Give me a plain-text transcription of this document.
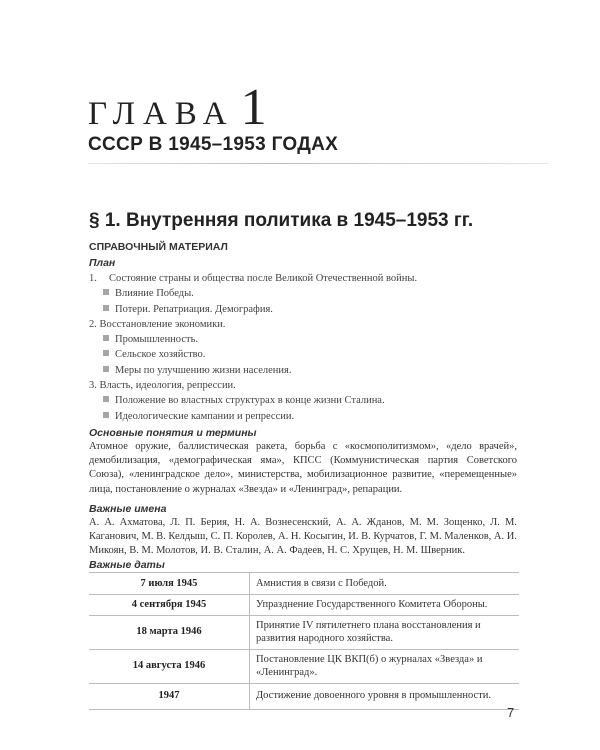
ГЛАВА 1
СССР В 1945–1953 ГОДАХ
§ 1. Внутренняя политика в 1945–1953 гг.
СПРАВОЧНЫЙ МАТЕРИАЛ
План
1. Состояние страны и общества после Великой Отечественной войны.
Влияние Победы.
Потери. Репатриация. Демография.
2. Восстановление экономики.
Промышленность.
Сельское хозяйство.
Меры по улучшению жизни населения.
3. Власть, идеология, репрессии.
Положение во властных структурах в конце жизни Сталина.
Идеологические кампании и репрессии.
Основные понятия и термины
Атомное оружие, баллистическая ракета, борьба с «космополитизмом», «дело врачей», демобилизация, «демографическая яма», КПСС (Коммунистическая партия Советского Союза), «ленинградское дело», министерства, мобилизационное развитие, «перемещенные» лица, постановление о журналах «Звезда» и «Ленинград», репарации.
Важные имена
А. А. Ахматова, Л. П. Берия, Н. А. Вознесенский, А. А. Жданов, М. М. Зощенко, Л. М. Каганович, М. В. Келдыш, С. П. Королев, А. Н. Косыгин, И. В. Курчатов, Г. М. Маленков, А. И. Микоян, В. М. Молотов, И. В. Сталин, А. А. Фадеев, Н. С. Хрущев, Н. М. Шверник.
Важные даты
7 июля 1945	Амнистия в связи с Победой.
4 сентября 1945	Упразднение Государственного Комитета Обороны.
18 марта 1946	Принятие IV пятилетнего плана восстановления и развития народного хозяйства.
14 августа 1946	Постановление ЦК ВКП(б) о журналах «Звезда» и «Ленинград».
1947	Достижение довоенного уровня в промышленности.
7
